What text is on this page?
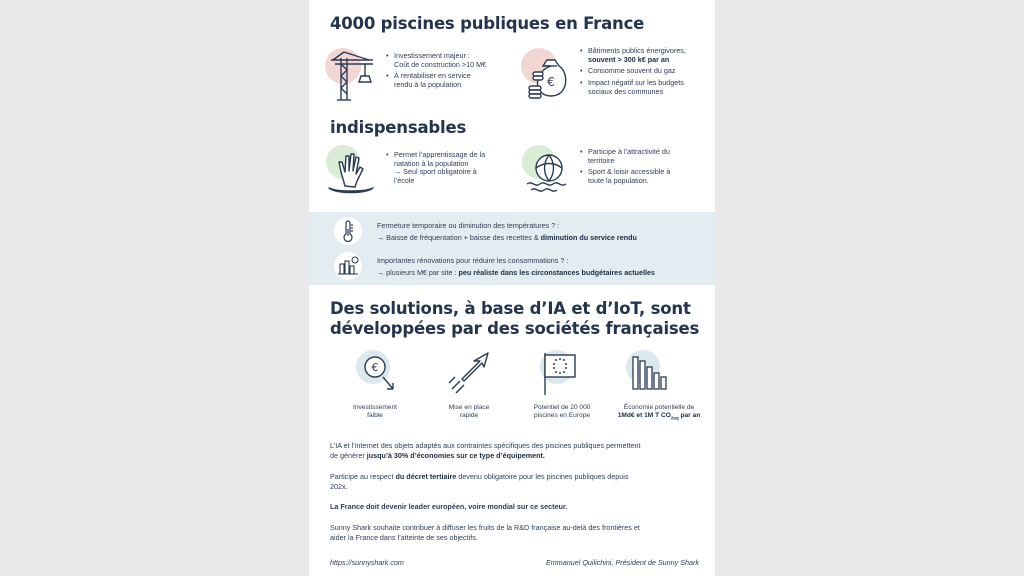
4000 piscines publiques en France
• Investissement majeur :
Coût de construction >10 M€
• À rentabiliser en service
rendu à la population	€
• Bâtiments publics énergivores,
souvent > 300 k€ par an
• Consomme souvent du gaz
• Impact négatif sur les budgets
sociaux des communes
indispensables
• Permet l’apprentissage de la
natation à la population
→ Seul sport obligatoire à
l’école
• Participe à l’attractivité du
territoire
• Sport & loisir accessible à
toute la population.
Fermeture temporaire ou diminution des températures ? :
→ Baisse de fréquentation + baisse des recettes & diminution du service rendu
Importantes rénovations pour réduire les consommations ? :
→ plusieurs M€ par site : peu réaliste dans les circonstances budgétaires actuelles
Des solutions, à base d’IA et d’IoT, sont
développées par des sociétés françaises
€
Investissement
faible
Mise en place
rapide
Potentiel de 20 000
piscines en Europe
Économie potentielle de
1Md€ et 1M T $CO_{2eq}$ par an
L’IA et l’internet des objets adaptés aux contraintes spécifiques des piscines publiques permettent
de générer jusqu’à 30% d’économies sur ce type d’équipement.
Participe au respect du décret tertiaire devenu obligatoire pour les piscines publiques depuis
202x.
La France doit devenir leader européen, voire mondial sur ce secteur.
Sunny Shark souhaite contribuer à diffuser les fruits de la R&D française au-delà des frontières et
aider la France dans l’atteinte de ses objectifs.
https://sunnyshark.com	Emmanuel Quilichini, Président de Sunny Shark
